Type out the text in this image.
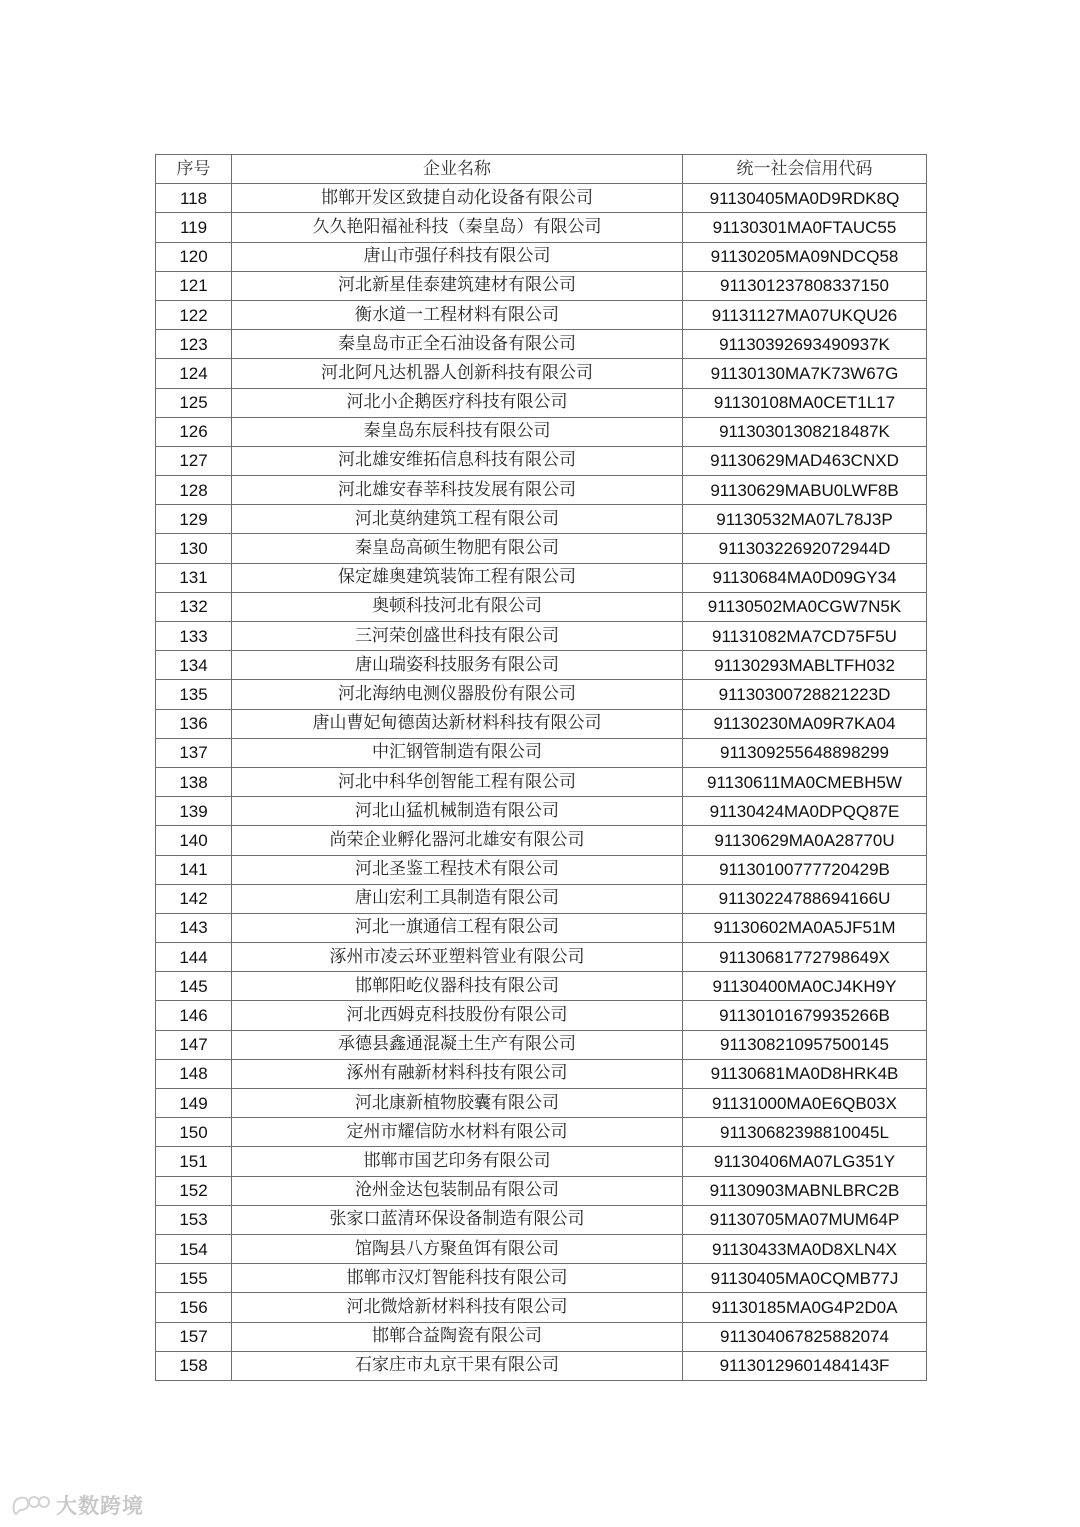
序号	企业名称	统一社会信用代码
118	邯郸开发区致捷自动化设备有限公司	91130405MA0D9RDK8Q
119	久久艳阳福祉科技（秦皇岛）有限公司	91130301MA0FTAUC55
120	唐山市强仔科技有限公司	91130205MA09NDCQ58
121	河北新星佳泰建筑建材有限公司	911301237808337150
122	衡水道一工程材料有限公司	91131127MA07UKQU26
123	秦皇岛市正全石油设备有限公司	91130392693490937K
124	河北阿凡达机器人创新科技有限公司	91130130MA7K73W67G
125	河北小企鹅医疗科技有限公司	91130108MA0CET1L17
126	秦皇岛东辰科技有限公司	91130301308218487K
127	河北雄安维拓信息科技有限公司	91130629MAD463CNXD
128	河北雄安春莘科技发展有限公司	91130629MABU0LWF8B
129	河北莫纳建筑工程有限公司	91130532MA07L78J3P
130	秦皇岛高硕生物肥有限公司	91130322692072944D
131	保定雄奥建筑装饰工程有限公司	91130684MA0D09GY34
132	奥顿科技河北有限公司	91130502MA0CGW7N5K
133	三河荣创盛世科技有限公司	91131082MA7CD75F5U
134	唐山瑞姿科技服务有限公司	91130293MABLTFH032
135	河北海纳电测仪器股份有限公司	91130300728821223D
136	唐山曹妃甸德茵达新材料科技有限公司	91130230MA09R7KA04
137	中汇钢管制造有限公司	911309255648898299
138	河北中科华创智能工程有限公司	91130611MA0CMEBH5W
139	河北山猛机械制造有限公司	91130424MA0DPQQ87E
140	尚荣企业孵化器河北雄安有限公司	91130629MA0A28770U
141	河北圣鉴工程技术有限公司	91130100777720429B
142	唐山宏利工具制造有限公司	91130224788694166U
143	河北一旗通信工程有限公司	91130602MA0A5JF51M
144	涿州市凌云环亚塑料管业有限公司	91130681772798649X
145	邯郸阳屹仪器科技有限公司	91130400MA0CJ4KH9Y
146	河北西姆克科技股份有限公司	91130101679935266B
147	承德县鑫通混凝土生产有限公司	911308210957500145
148	涿州有融新材料科技有限公司	91130681MA0D8HRK4B
149	河北康新植物胶囊有限公司	91131000MA0E6QB03X
150	定州市耀信防水材料有限公司	91130682398810045L
151	邯郸市国艺印务有限公司	91130406MA07LG351Y
152	沧州金达包装制品有限公司	91130903MABNLBRC2B
153	张家口蓝清环保设备制造有限公司	91130705MA07MUM64P
154	馆陶县八方聚鱼饵有限公司	91130433MA0D8XLN4X
155	邯郸市汉灯智能科技有限公司	91130405MA0CQMB77J
156	河北微焓新材料科技有限公司	91130185MA0G4P2D0A
157	邯郸合益陶瓷有限公司	911304067825882074
158	石家庄市丸京干果有限公司	91130129601484143F
大数跨境
